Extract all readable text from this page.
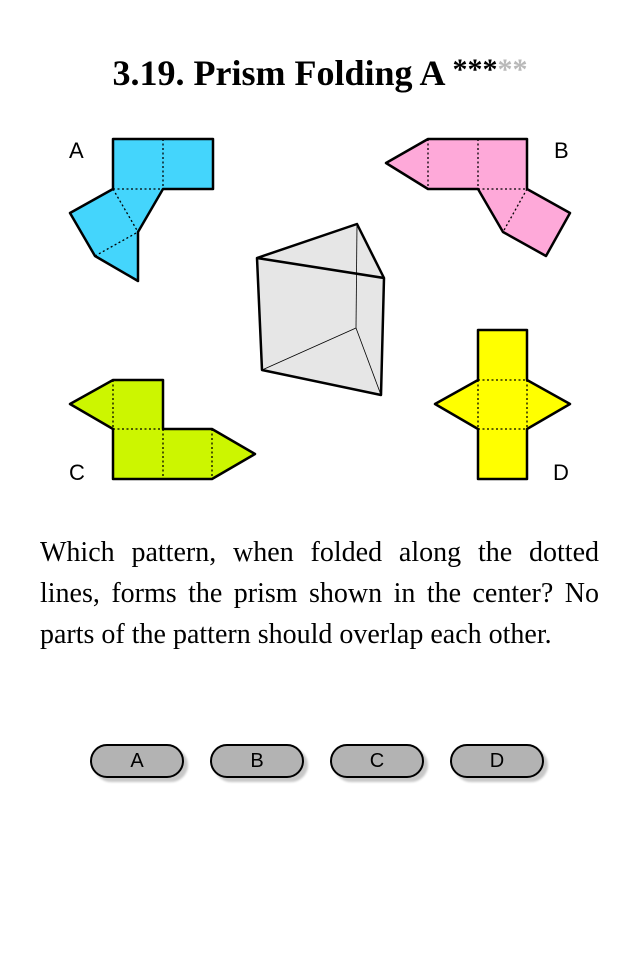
3.19. Prism Folding A *****
A	B
C	D
Which pattern, when folded along the dotted lines, forms the prism shown in the center? No parts of the pattern should overlap each other.
A	B	C	D
